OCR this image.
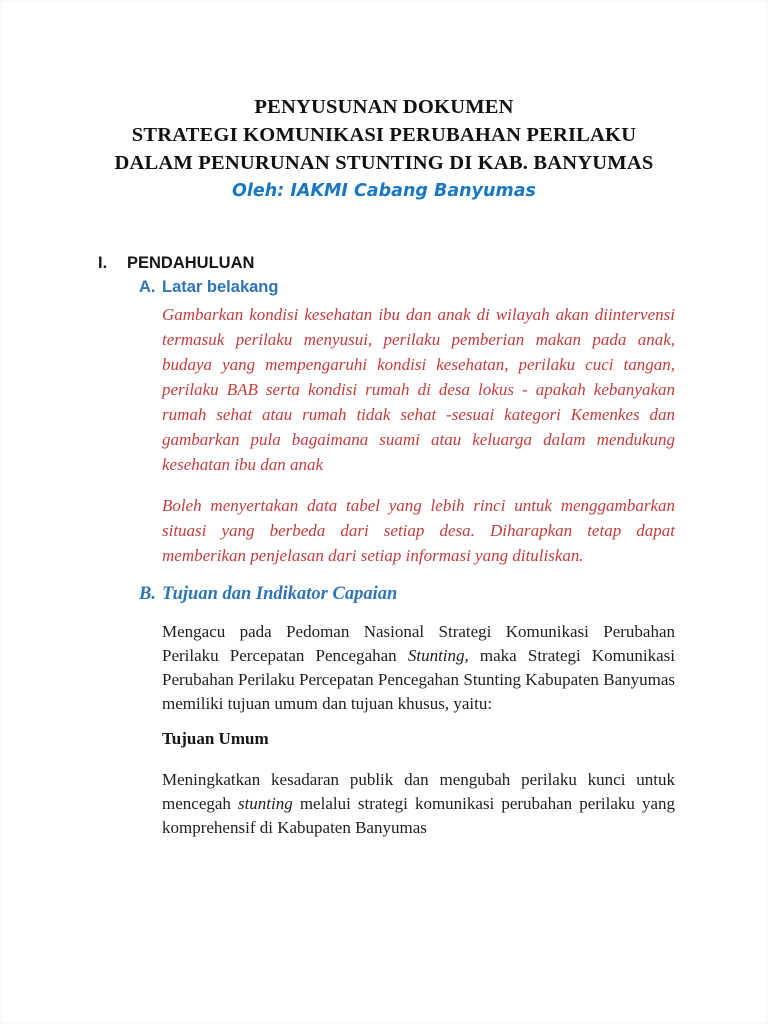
PENYUSUNAN DOKUMEN
STRATEGI KOMUNIKASI PERUBAHAN PERILAKU
DALAM PENURUNAN STUNTING DI KAB. BANYUMAS
Oleh: IAKMI Cabang Banyumas
I.	PENDAHULUAN
A. Latar belakang

Gambarkan kondisi kesehatan ibu dan anak di wilayah akan diintervensi termasuk perilaku menyusui, perilaku pemberian makan pada anak, budaya yang mempengaruhi kondisi kesehatan, perilaku cuci tangan, perilaku BAB serta kondisi rumah di desa lokus - apakah kebanyakan rumah sehat atau rumah tidak sehat -sesuai kategori Kemenkes dan gambarkan pula bagaimana suami atau keluarga dalam mendukung kesehatan ibu dan anak

Boleh menyertakan data tabel yang lebih rinci untuk menggambarkan situasi yang berbeda dari setiap desa. Diharapkan tetap dapat memberikan penjelasan dari setiap informasi yang dituliskan.

B. Tujuan dan Indikator Capaian

Mengacu pada Pedoman Nasional Strategi Komunikasi Perubahan Perilaku Percepatan Pencegahan Stunting, maka Strategi Komunikasi Perubahan Perilaku Percepatan Pencegahan Stunting Kabupaten Banyumas memiliki tujuan umum dan tujuan khusus, yaitu:

Tujuan Umum

Meningkatkan kesadaran publik dan mengubah perilaku kunci untuk mencegah stunting melalui strategi komunikasi perubahan perilaku yang komprehensif di Kabupaten Banyumas
